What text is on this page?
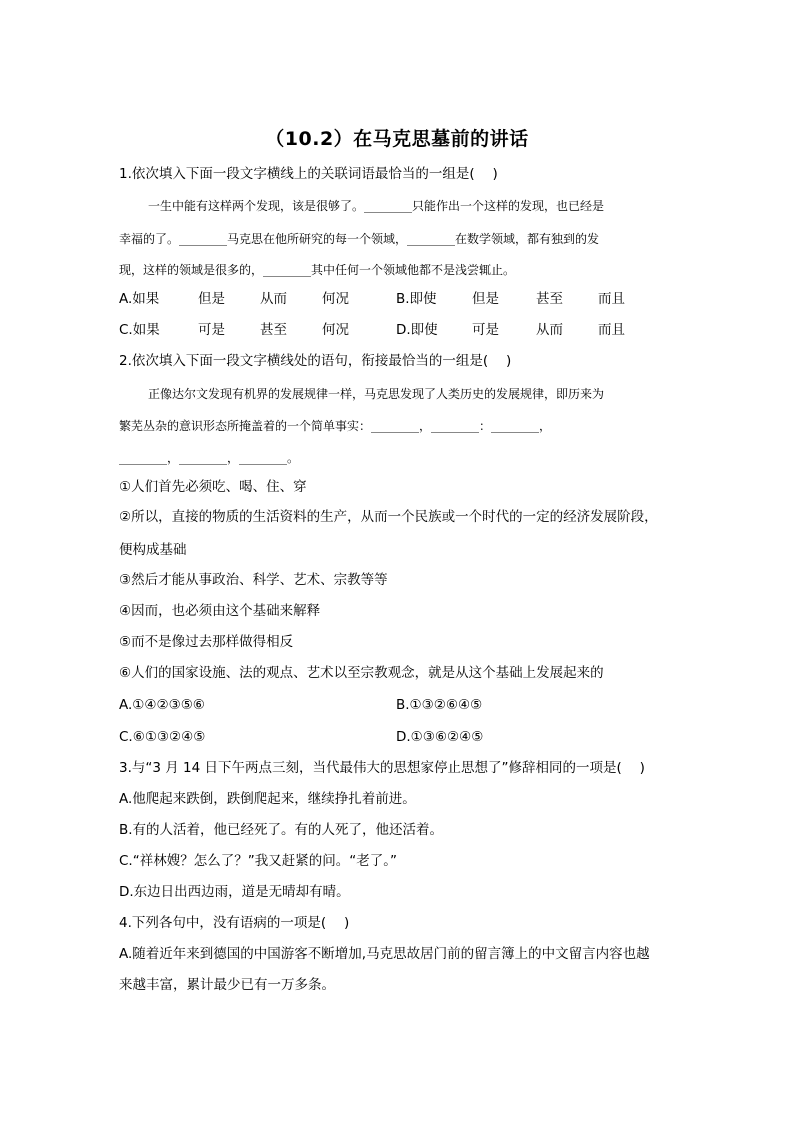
（10.2）在马克思墓前的讲话
1.依次填入下面一段文字横线上的关联词语最恰当的一组是(　 )
一生中能有这样两个发现，该是很够了。________只能作出一个这样的发现，也已经是
幸福的了。________马克思在他所研究的每一个领域，________在数学领域，都有独到的发
现，这样的领域是很多的，________其中任何一个领域他都不是浅尝辄止。
A.如果	但是	从而	何况	B.即使	但是	甚至	而且
C.如果	可是	甚至	何况	D.即使	可是	从而	而且
2.依次填入下面一段文字横线处的语句，衔接最恰当的一组是(　 )
正像达尔文发现有机界的发展规律一样，马克思发现了人类历史的发展规律，即历来为
繁芜丛杂的意识形态所掩盖着的一个简单事实：________，________：________，
________，________，________。
①人们首先必须吃、喝、住、穿
②所以，直接的物质的生活资料的生产，从而一个民族或一个时代的一定的经济发展阶段，
便构成基础
③然后才能从事政治、科学、艺术、宗教等等
④因而，也必须由这个基础来解释
⑤而不是像过去那样做得相反
⑥人们的国家设施、法的观点、艺术以至宗教观念，就是从这个基础上发展起来的
A.①④②③⑤⑥	B.①③②⑥④⑤
C.⑥①③②④⑤	D.①③⑥②④⑤
3.与“3 月 14 日下午两点三刻，当代最伟大的思想家停止思想了”修辞相同的一项是(　 )
A.他爬起来跌倒，跌倒爬起来，继续挣扎着前进。
B.有的人活着，他已经死了。有的人死了，他还活着。
C.“祥林嫂？怎么了？”我又赶紧的问。“老了。”
D.东边日出西边雨，道是无晴却有晴。
4.下列各句中，没有语病的一项是(　 )
A.随着近年来到德国的中国游客不断增加,马克思故居门前的留言簿上的中文留言内容也越
来越丰富，累计最少已有一万多条。
